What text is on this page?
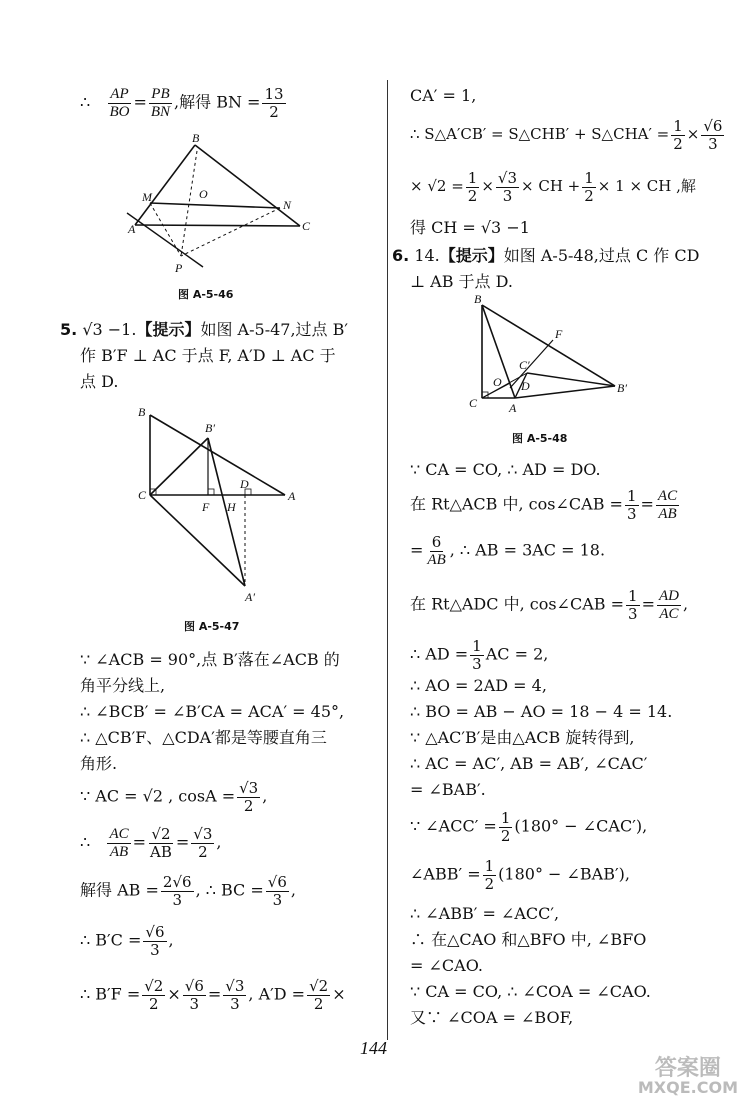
∴ $\frac{AP}{BO} = \frac{PB}{BN}$ ,解得 BN = $\frac{13}{2}$
B
M	O
N
A	C
P
图 A-5-46
5. √3 −1.【提示】如图 A-5-47,过点 B′
作 B′F ⊥ AC 于点 F, A′D ⊥ AC 于
点 D.
B
B′
C
F H
D
A
A′
图 A-5-47
∵ ∠ACB = 90°,点 B′落在∠ACB 的
角平分线上,
∴ ∠BCB′ = ∠B′CA = ACA′ = 45°,
∴ △CB′F、△CDA′都是等腰直角三
角形.
∵ AC = √2 , $\cos A = \frac{√3}{2}$ ,
∴ $\frac{AC}{AB} = \frac{√2}{AB} = \frac{√3}{2}$ ,
解得 AB = $\frac{2√6}{3}$ , ∴ BC = $\frac{√6}{3}$ ,
∴ $B'C = \frac{√6}{3}$ ,
∴ $B'F = \frac{√2}{2} \times \frac{√6}{3} = \frac{√3}{3}$ , $A'D = \frac{√2}{2}$ ×
CA′ = 1,
∴ S△A′CB′ = S△CHB′ + S△CHA′ = $\frac{1}{2} \times \frac{√6}{3}$
× $√2 = \frac{1}{2} \times \frac{√3}{3}$ × CH + $\frac{1}{2} \times 1$ × CH ,解
得 CH = √3 −1
6. 14.【提示】如图 A-5-48,过点 C 作 CD
⊥ AB 于点 D.
B
F
C′
O D	B′
C	A
图 A-5-48
∵ CA = CO, ∴ AD = DO.
在 Rt△ACB 中, cos∠CAB = $\frac{1}{3} = \frac{AC}{AB}$
= $\frac{6}{AB}$ , ∴ AB = 3AC = 18.
在 Rt△ADC 中, cos∠CAB = $\frac{1}{3} = \frac{AD}{AC}$ ,
∴ AD = $\frac{1}{3}$ AC = 2,
∴ AO = 2AD = 4,
∴ BO = AB − AO = 18 − 4 = 14.
∵ △AC′B′是由△ACB 旋转得到,
∴ AC = AC′, AB = AB′, ∠CAC′
= ∠BAB′.
∵ ∠ACC′ = $\frac{1}{2} (180^\circ$ − ∠CAC′),
∠ABB′ = $\frac{1}{2} (180^\circ$ − ∠BAB′),
∴ ∠ABB′ = ∠ACC′,
∴ 在△CAO 和△BFO 中, ∠BFO
= ∠CAO.
∵ CA = CO, ∴ ∠COA = ∠CAO.
又∵ ∠COA = ∠BOF,
144
答案圈
MXQE.COM
